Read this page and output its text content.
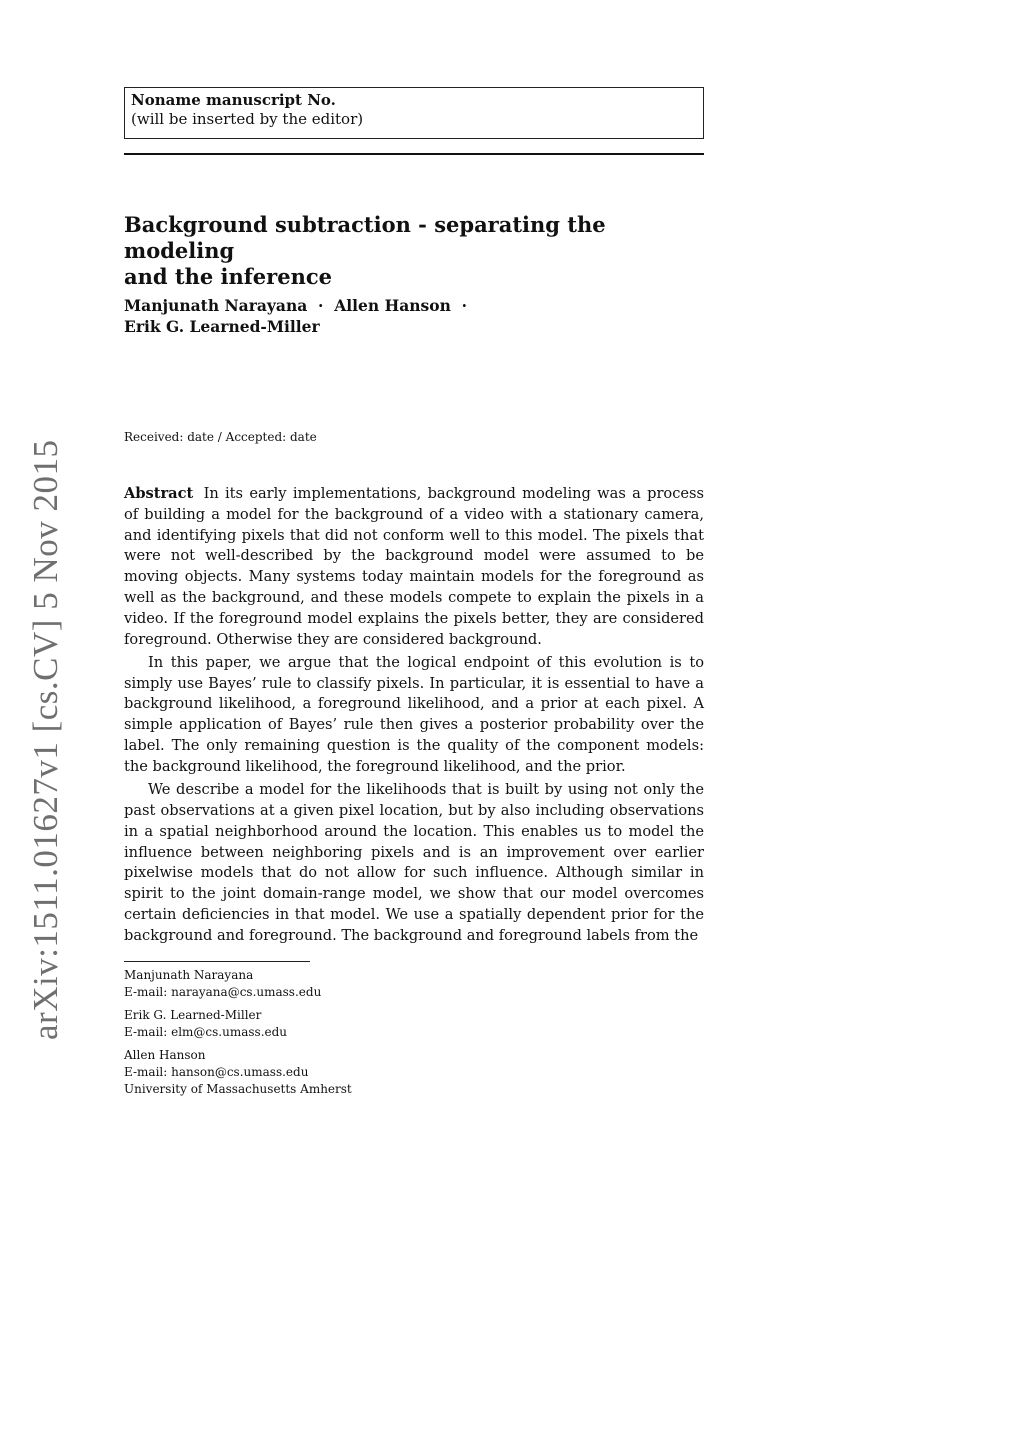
arXiv:1511.01627v1 [cs.CV] 5 Nov 2015
Noname manuscript No.
(will be inserted by the editor)
Background subtraction - separating the modeling
and the inference
Manjunath Narayana  ·  Allen Hanson  ·
Erik G. Learned-Miller
Received: date / Accepted: date

Abstract In its early implementations, background modeling was a process of building a model for the background of a video with a stationary camera, and identifying pixels that did not conform well to this model. The pixels that were not well-described by the background model were assumed to be moving objects. Many systems today maintain models for the foreground as well as the background, and these models compete to explain the pixels in a video. If the foreground model explains the pixels better, they are considered foreground. Otherwise they are considered background.

In this paper, we argue that the logical endpoint of this evolution is to simply use Bayes’ rule to classify pixels. In particular, it is essential to have a background likelihood, a foreground likelihood, and a prior at each pixel. A simple application of Bayes’ rule then gives a posterior probability over the label. The only remaining question is the quality of the component models: the background likelihood, the foreground likelihood, and the prior.

We describe a model for the likelihoods that is built by using not only the past observations at a given pixel location, but by also including observations in a spatial neighborhood around the location. This enables us to model the influence between neighboring pixels and is an improvement over earlier pixelwise models that do not allow for such influence. Although similar in spirit to the joint domain-range model, we show that our model overcomes certain deficiencies in that model. We use a spatially dependent prior for the background and foreground. The background and foreground labels from the

Manjunath Narayana
E-mail: narayana@cs.umass.edu
Erik G. Learned-Miller
E-mail: elm@cs.umass.edu
Allen Hanson
E-mail: hanson@cs.umass.edu
University of Massachusetts Amherst
